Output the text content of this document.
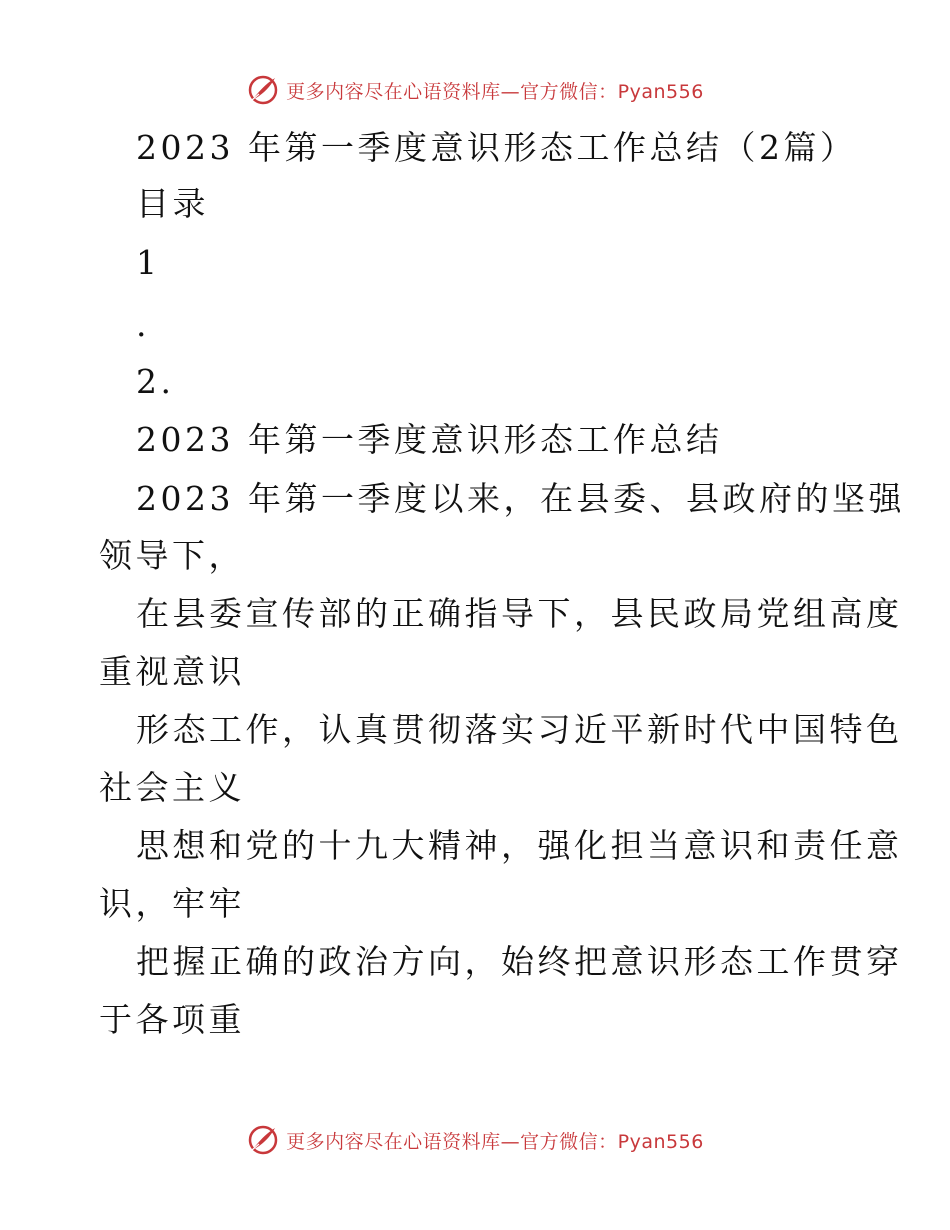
更多内容尽在心语资料库—官方微信：Pyan556
2023 年第一季度意识形态工作总结（2篇）
目录
1
.
2.
2023 年第一季度意识形态工作总结
2023 年第一季度以来，在县委、县政府的坚强
领导下，
在县委宣传部的正确指导下，县民政局党组高度
重视意识
形态工作，认真贯彻落实习近平新时代中国特色
社会主义
思想和党的十九大精神，强化担当意识和责任意
识，牢牢
把握正确的政治方向，始终把意识形态工作贯穿
于各项重
更多内容尽在心语资料库—官方微信：Pyan556
